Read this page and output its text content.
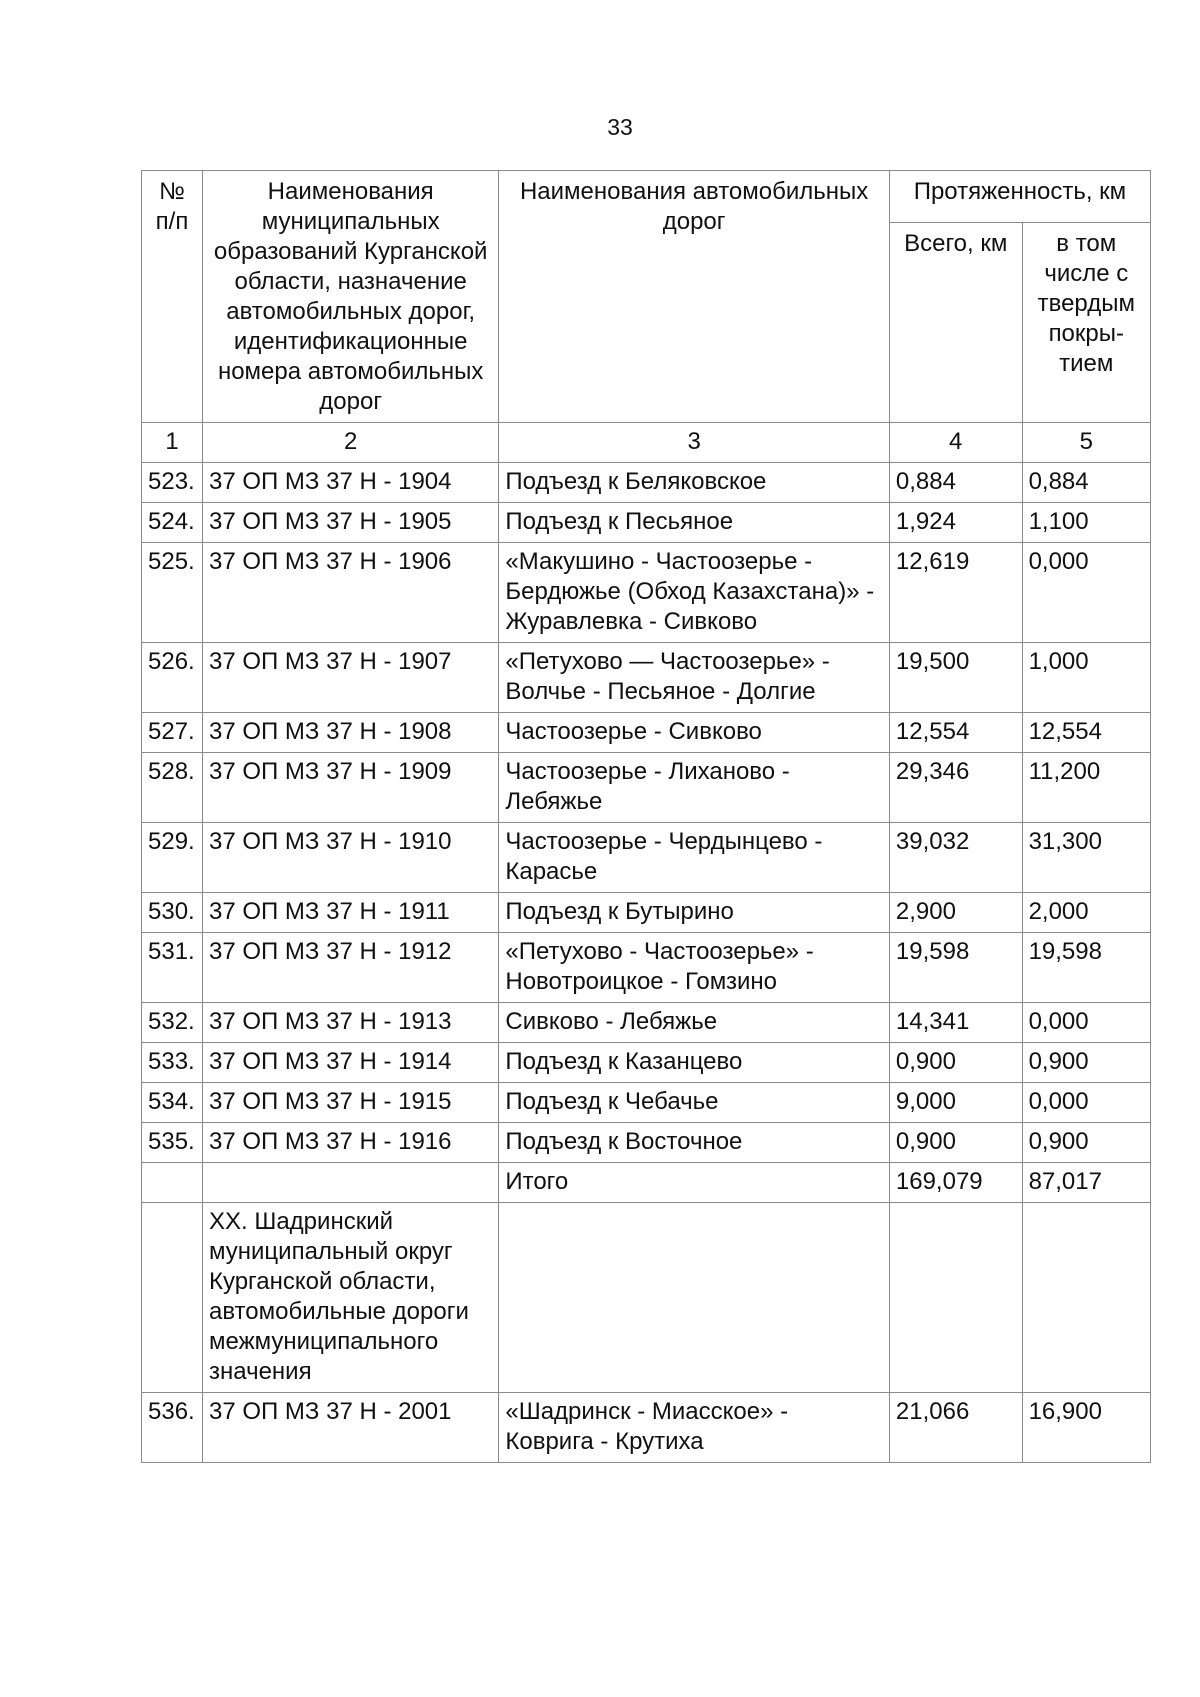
33
№ п/п	Наименования муниципальных образований Курганской области, назначение автомобильных дорог, идентификационные номера автомобильных дорог	Наименования автомобильных дорог	Протяженность, км	
			Всего, км	в том числе с твердым покры-тием
1	2	3	4	5
523.	37 ОП МЗ 37 Н - 1904	Подъезд к Беляковское	0,884	0,884
524.	37 ОП МЗ 37 Н - 1905	Подъезд к Песьяное	1,924	1,100
525.	37 ОП МЗ 37 Н - 1906	«Макушино - Частоозерье - Бердюжье (Обход Казахстана)» - Журавлевка - Сивково	12,619	0,000
526.	37 ОП МЗ 37 Н - 1907	«Петухово — Частоозерье» - Волчье - Песьяное - Долгие	19,500	1,000
527.	37 ОП МЗ 37 Н - 1908	Частоозерье - Сивково	12,554	12,554
528.	37 ОП МЗ 37 Н - 1909	Частоозерье - Лиханово - Лебяжье	29,346	11,200
529.	37 ОП МЗ 37 Н - 1910	Частоозерье - Чердынцево - Карасье	39,032	31,300
530.	37 ОП МЗ 37 Н - 1911	Подъезд к Бутырино	2,900	2,000
531.	37 ОП МЗ 37 Н - 1912	«Петухово - Частоозерье» - Новотроицкое - Гомзино	19,598	19,598
532.	37 ОП МЗ 37 Н - 1913	Сивково - Лебяжье	14,341	0,000
533.	37 ОП МЗ 37 Н - 1914	Подъезд к Казанцево	0,900	0,900
534.	37 ОП МЗ 37 Н - 1915	Подъезд к Чебачье	9,000	0,000
535.	37 ОП МЗ 37 Н - 1916	Подъезд к Восточное	0,900	0,900
		Итого	169,079	87,017
	XX. Шадринский муниципальный округ Курганской области, автомобильные дороги межмуниципального значения			
536.	37 ОП МЗ 37 Н - 2001	«Шадринск - Миасское» - Коврига - Крутиха	21,066	16,900
